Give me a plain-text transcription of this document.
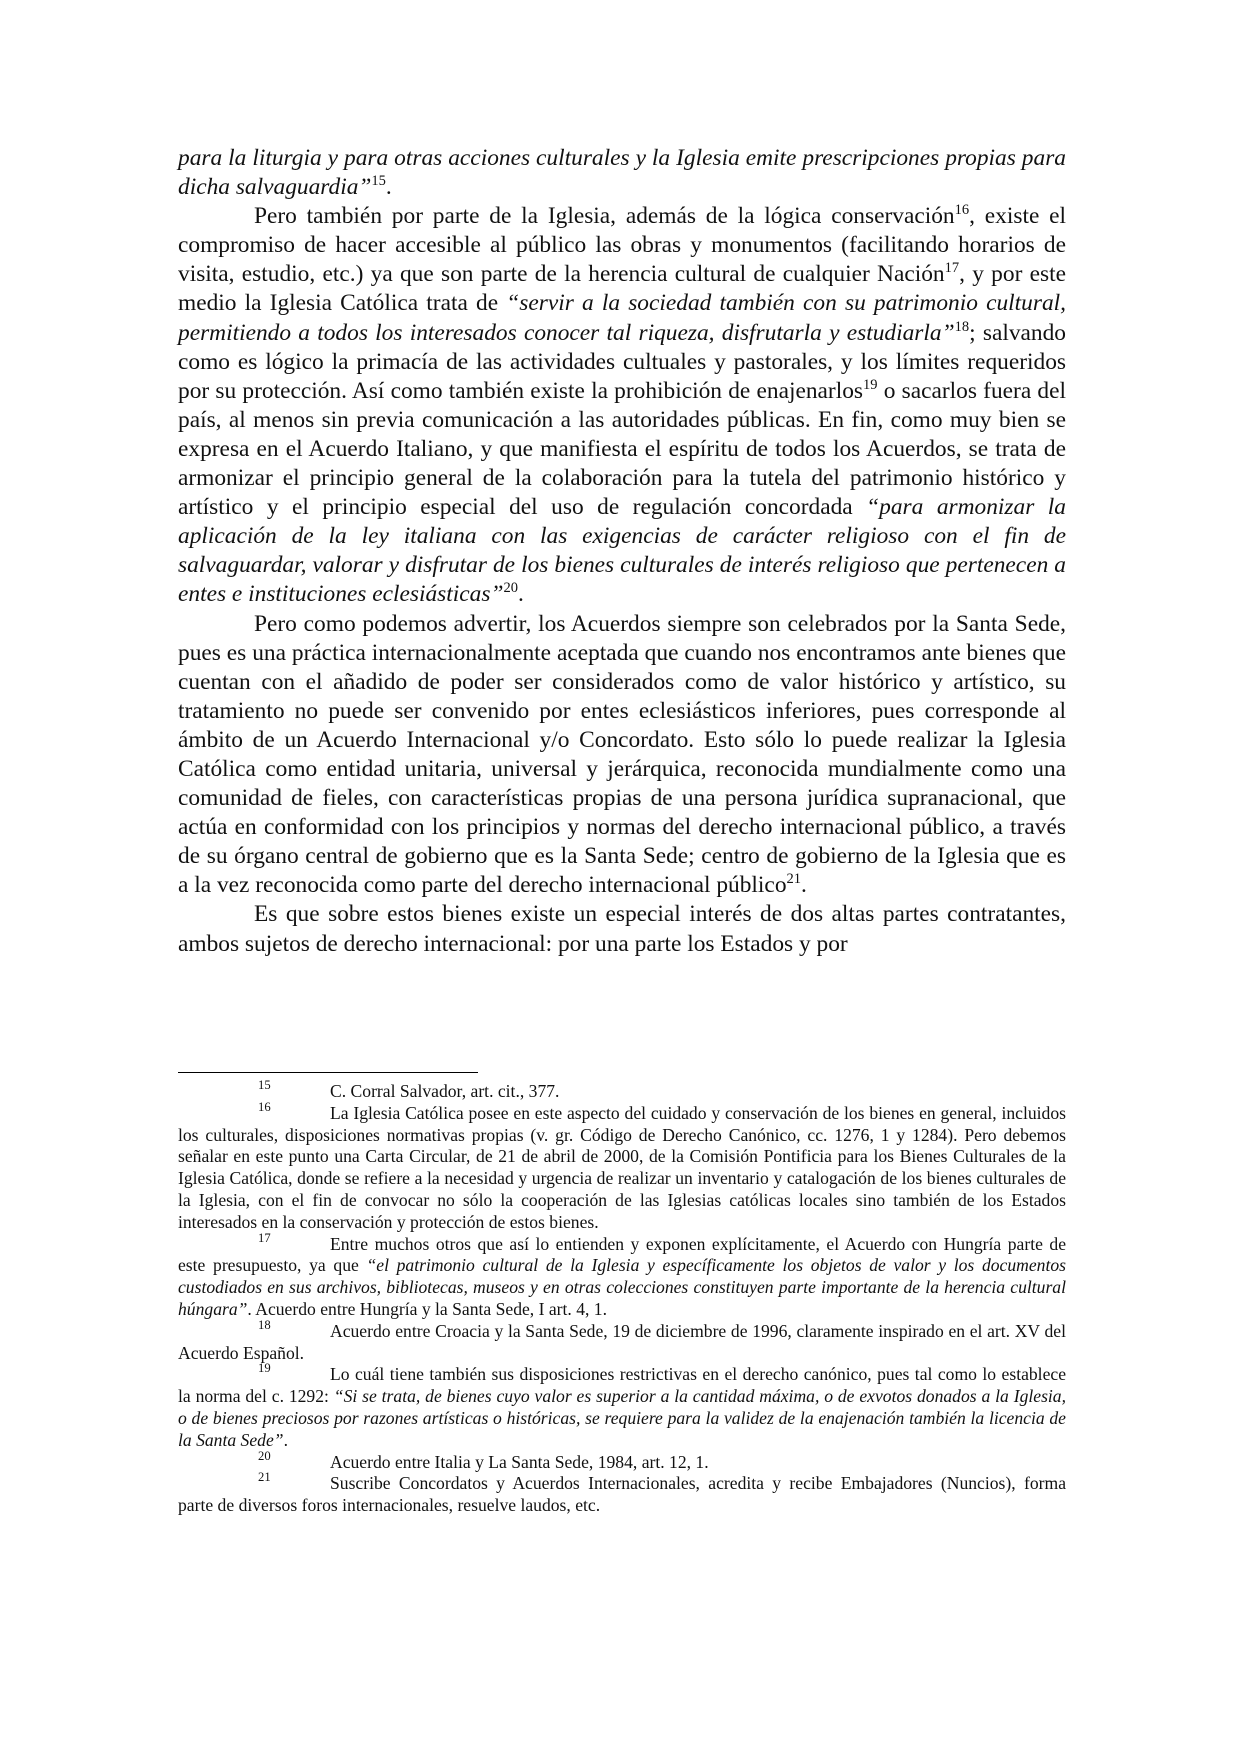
para la liturgia y para otras acciones culturales y la Iglesia emite prescripciones propias para dicha salvaguardia”$^{15}$.

Pero también por parte de la Iglesia, además de la lógica conservación$^{16}$, existe el compromiso de hacer accesible al público las obras y monumentos (facilitando horarios de visita, estudio, etc.) ya que son parte de la herencia cultural de cualquier Nación$^{17}$, y por este medio la Iglesia Católica trata de “servir a la sociedad también con su patrimonio cultural, permitiendo a todos los interesados conocer tal riqueza, disfrutarla y estudiarla”$^{18}$; salvando como es lógico la primacía de las actividades cultuales y pastorales, y los límites requeridos por su protección. Así como también existe la prohibición de enajenarlos$^{19}$ o sacarlos fuera del país, al menos sin previa comunicación a las autoridades públicas. En fin, como muy bien se expresa en el Acuerdo Italiano, y que manifiesta el espíritu de todos los Acuerdos, se trata de armonizar el principio general de la colaboración para la tutela del patrimonio histórico y artístico y el principio especial del uso de regulación concordada “para armonizar la aplicación de la ley italiana con las exigencias de carácter religioso con el fin de salvaguardar, valorar y disfrutar de los bienes culturales de interés religioso que pertenecen a entes e instituciones eclesiásticas”$^{20}$.

Pero como podemos advertir, los Acuerdos siempre son celebrados por la Santa Sede, pues es una práctica internacionalmente aceptada que cuando nos encontramos ante bienes que cuentan con el añadido de poder ser considerados como de valor histórico y artístico, su tratamiento no puede ser convenido por entes eclesiásticos inferiores, pues corresponde al ámbito de un Acuerdo Internacional y/o Concordato. Esto sólo lo puede realizar la Iglesia Católica como entidad unitaria, universal y jerárquica, reconocida mundialmente como una comunidad de fieles, con características propias de una persona jurídica supranacional, que actúa en conformidad con los principios y normas del derecho internacional público, a través de su órgano central de gobierno que es la Santa Sede; centro de gobierno de la Iglesia que es a la vez reconocida como parte del derecho internacional público$^{21}$.

Es que sobre estos bienes existe un especial interés de dos altas partes contratantes, ambos sujetos de derecho internacional: por una parte los Estados y por

15	C. Corral Salvador, art. cit., 377.

16	La Iglesia Católica posee en este aspecto del cuidado y conservación de los bienes en general, incluidos los culturales, disposiciones normativas propias (v. gr. Código de Derecho Canónico, cc. 1276, 1 y 1284). Pero debemos señalar en este punto una Carta Circular, de 21 de abril de 2000, de la Comisión Pontificia para los Bienes Culturales de la Iglesia Católica, donde se refiere a la necesidad y urgencia de realizar un inventario y catalogación de los bienes culturales de la Iglesia, con el fin de convocar no sólo la cooperación de las Iglesias católicas locales sino también de los Estados interesados en la conservación y protección de estos bienes.

17	Entre muchos otros que así lo entienden y exponen explícitamente, el Acuerdo con Hungría parte de este presupuesto, ya que “el patrimonio cultural de la Iglesia y específicamente los objetos de valor y los documentos custodiados en sus archivos, bibliotecas, museos y en otras colecciones constituyen parte importante de la herencia cultural húngara”. Acuerdo entre Hungría y la Santa Sede, I art. 4, 1.

18	Acuerdo entre Croacia y la Santa Sede, 19 de diciembre de 1996, claramente inspirado en el art. XV del Acuerdo Español.

19	Lo cuál tiene también sus disposiciones restrictivas en el derecho canónico, pues tal como lo establece la norma del c. 1292: “Si se trata, de bienes cuyo valor es superior a la cantidad máxima, o de exvotos donados a la Iglesia, o de bienes preciosos por razones artísticas o históricas, se requiere para la validez de la enajenación también la licencia de la Santa Sede”.

20	Acuerdo entre Italia y La Santa Sede, 1984, art. 12, 1.

21	Suscribe Concordatos y Acuerdos Internacionales, acredita y recibe Embajadores (Nuncios), forma parte de diversos foros internacionales, resuelve laudos, etc.
